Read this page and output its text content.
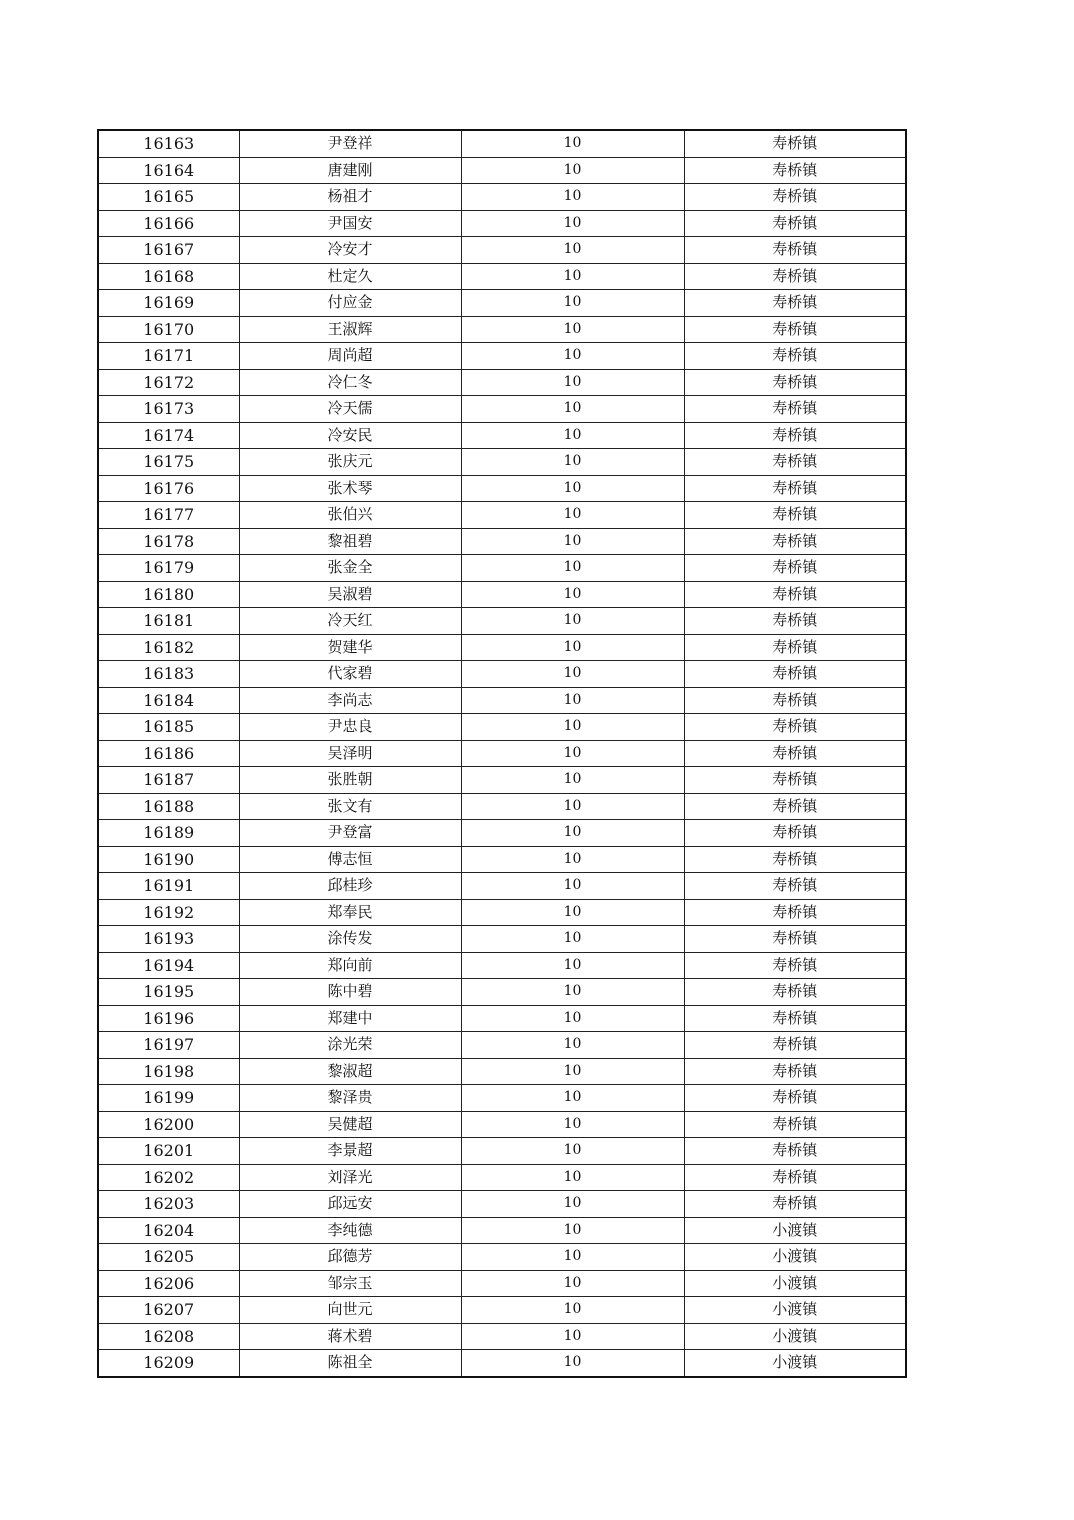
16163	尹登祥	10	寿桥镇
16164	唐建刚	10	寿桥镇
16165	杨祖才	10	寿桥镇
16166	尹国安	10	寿桥镇
16167	冷安才	10	寿桥镇
16168	杜定久	10	寿桥镇
16169	付应金	10	寿桥镇
16170	王淑辉	10	寿桥镇
16171	周尚超	10	寿桥镇
16172	冷仁冬	10	寿桥镇
16173	冷天儒	10	寿桥镇
16174	冷安民	10	寿桥镇
16175	张庆元	10	寿桥镇
16176	张术琴	10	寿桥镇
16177	张伯兴	10	寿桥镇
16178	黎祖碧	10	寿桥镇
16179	张金全	10	寿桥镇
16180	吴淑碧	10	寿桥镇
16181	冷天红	10	寿桥镇
16182	贺建华	10	寿桥镇
16183	代家碧	10	寿桥镇
16184	李尚志	10	寿桥镇
16185	尹忠良	10	寿桥镇
16186	吴泽明	10	寿桥镇
16187	张胜朝	10	寿桥镇
16188	张文有	10	寿桥镇
16189	尹登富	10	寿桥镇
16190	傅志恒	10	寿桥镇
16191	邱桂珍	10	寿桥镇
16192	郑奉民	10	寿桥镇
16193	涂传发	10	寿桥镇
16194	郑向前	10	寿桥镇
16195	陈中碧	10	寿桥镇
16196	郑建中	10	寿桥镇
16197	涂光荣	10	寿桥镇
16198	黎淑超	10	寿桥镇
16199	黎泽贵	10	寿桥镇
16200	吴健超	10	寿桥镇
16201	李景超	10	寿桥镇
16202	刘泽光	10	寿桥镇
16203	邱远安	10	寿桥镇
16204	李纯德	10	小渡镇
16205	邱德芳	10	小渡镇
16206	邹宗玉	10	小渡镇
16207	向世元	10	小渡镇
16208	蒋术碧	10	小渡镇
16209	陈祖全	10	小渡镇
